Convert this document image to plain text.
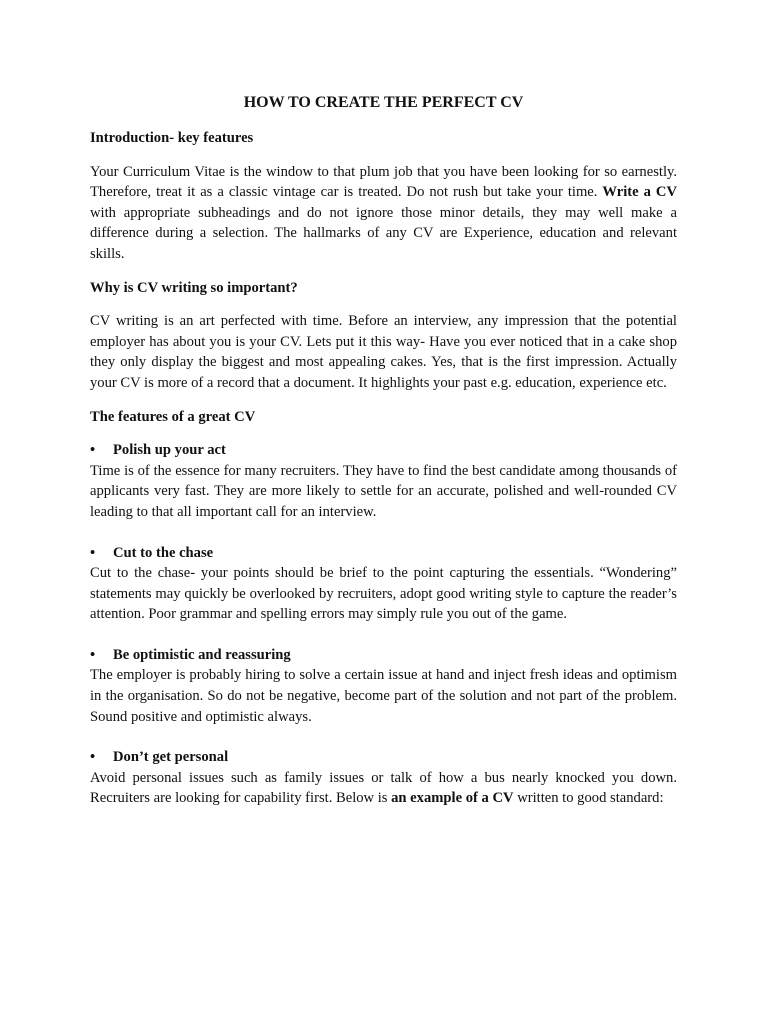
HOW TO CREATE THE PERFECT CV
Introduction- key features
Your Curriculum Vitae is the window to that plum job that you have been looking for so earnestly. Therefore, treat it as a classic vintage car is treated. Do not rush but take your time. Write a CV with appropriate subheadings and do not ignore those minor details, they may well make a difference during a selection. The hallmarks of any CV are Experience, education and relevant skills.
Why is CV writing so important?
CV writing is an art perfected with time. Before an interview, any impression that the potential employer has about you is your CV. Lets put it this way- Have you ever noticed that in a cake shop they only display the biggest and most appealing cakes. Yes, that is the first impression. Actually your CV is more of a record that a document. It highlights your past e.g. education, experience etc.
The features of a great CV
• Polish up your act
Time is of the essence for many recruiters. They have to find the best candidate among thousands of applicants very fast. They are more likely to settle for an accurate, polished and well-rounded CV leading to that all important call for an interview.
• Cut to the chase
Cut to the chase- your points should be brief to the point capturing the essentials. “Wondering” statements may quickly be overlooked by recruiters, adopt good writing style to capture the reader’s attention. Poor grammar and spelling errors may simply rule you out of the game.
• Be optimistic and reassuring
The employer is probably hiring to solve a certain issue at hand and inject fresh ideas and optimism in the organisation. So do not be negative, become part of the solution and not part of the problem. Sound positive and optimistic always.
• Don’t get personal
Avoid personal issues such as family issues or talk of how a bus nearly knocked you down. Recruiters are looking for capability first. Below is an example of a CV written to good standard:
